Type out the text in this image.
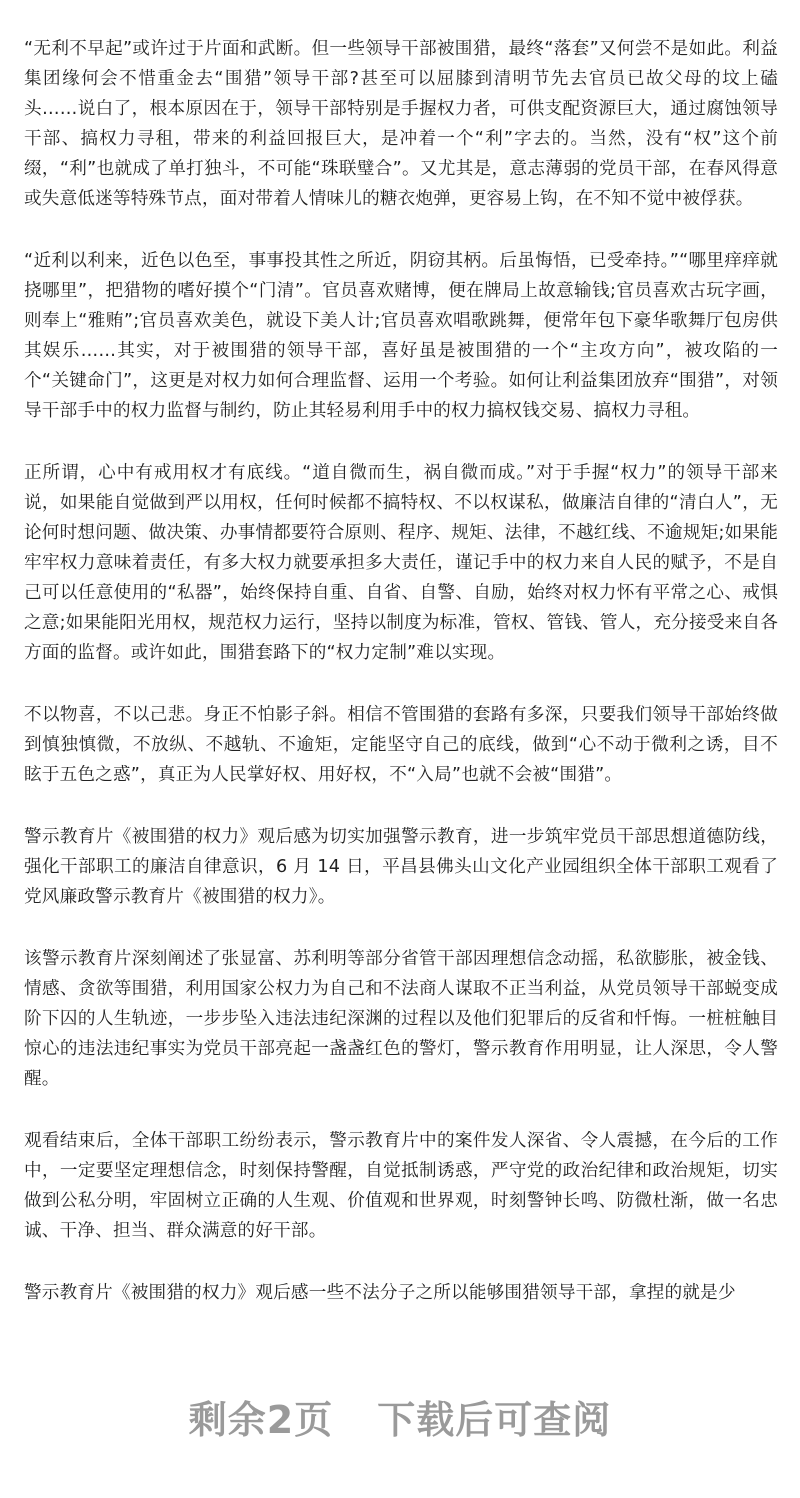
“无利不早起”或许过于片面和武断。但一些领导干部被围猎，最终“落套”又何尝不是如此。利益集团缘何会不惜重金去“围猎”领导干部?甚至可以屈膝到清明节先去官员已故父母的坟上磕头……说白了，根本原因在于，领导干部特别是手握权力者，可供支配资源巨大，通过腐蚀领导干部、搞权力寻租，带来的利益回报巨大，是冲着一个“利”字去的。当然，没有“权”这个前缀，“利”也就成了单打独斗，不可能“珠联璧合”。又尤其是，意志薄弱的党员干部，在春风得意或失意低迷等特殊节点，面对带着人情味儿的糖衣炮弹，更容易上钩，在不知不觉中被俘获。

“近利以利来，近色以色至，事事投其性之所近，阴窃其柄。后虽悔悟，已受牵持。”“哪里痒痒就挠哪里”，把猎物的嗜好摸个“门清”。官员喜欢赌博，便在牌局上故意输钱;官员喜欢古玩字画，则奉上“雅贿”;官员喜欢美色，就设下美人计;官员喜欢唱歌跳舞，便常年包下豪华歌舞厅包房供其娱乐……其实，对于被围猎的领导干部，喜好虽是被围猎的一个“主攻方向”，被攻陷的一个“关键命门”，这更是对权力如何合理监督、运用一个考验。如何让利益集团放弃“围猎”，对领导干部手中的权力监督与制约，防止其轻易利用手中的权力搞权钱交易、搞权力寻租。

正所谓，心中有戒用权才有底线。“道自微而生，祸自微而成。”对于手握“权力”的领导干部来说，如果能自觉做到严以用权，任何时候都不搞特权、不以权谋私，做廉洁自律的“清白人”，无论何时想问题、做决策、办事情都要符合原则、程序、规矩、法律，不越红线、不逾规矩;如果能牢牢权力意味着责任，有多大权力就要承担多大责任，谨记手中的权力来自人民的赋予，不是自己可以任意使用的“私器”，始终保持自重、自省、自警、自励，始终对权力怀有平常之心、戒惧之意;如果能阳光用权，规范权力运行，坚持以制度为标准，管权、管钱、管人，充分接受来自各方面的监督。或许如此，围猎套路下的“权力定制”难以实现。

不以物喜，不以己悲。身正不怕影子斜。相信不管围猎的套路有多深，只要我们领导干部始终做到慎独慎微，不放纵、不越轨、不逾矩，定能坚守自己的底线，做到“心不动于微利之诱，目不眩于五色之惑”，真正为人民掌好权、用好权，不“入局”也就不会被“围猎”。

警示教育片《被围猎的权力》观后感为切实加强警示教育，进一步筑牢党员干部思想道德防线，强化干部职工的廉洁自律意识，6 月 14 日，平昌县佛头山文化产业园组织全体干部职工观看了党风廉政警示教育片《被围猎的权力》。

该警示教育片深刻阐述了张显富、苏利明等部分省管干部因理想信念动摇，私欲膨胀，被金钱、情感、贪欲等围猎，利用国家公权力为自己和不法商人谋取不正当利益，从党员领导干部蜕变成阶下囚的人生轨迹，一步步坠入违法违纪深渊的过程以及他们犯罪后的反省和忏悔。一桩桩触目惊心的违法违纪事实为党员干部亮起一盏盏红色的警灯，警示教育作用明显，让人深思，令人警醒。

观看结束后，全体干部职工纷纷表示，警示教育片中的案件发人深省、令人震撼，在今后的工作中，一定要坚定理想信念，时刻保持警醒，自觉抵制诱惑，严守党的政治纪律和政治规矩，切实做到公私分明，牢固树立正确的人生观、价值观和世界观，时刻警钟长鸣、防微杜渐，做一名忠诚、干净、担当、群众满意的好干部。

警示教育片《被围猎的权力》观后感一些不法分子之所以能够围猎领导干部，拿捏的就是少

剩余2页 下载后可查阅
